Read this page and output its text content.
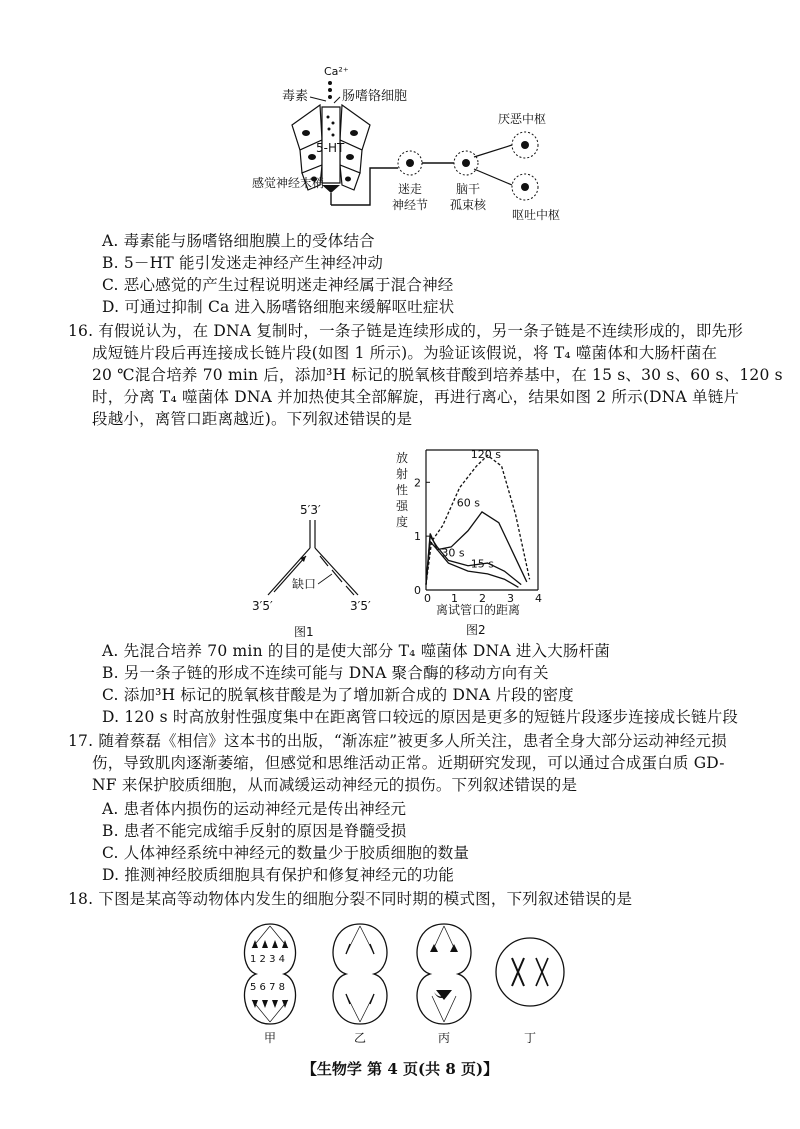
Ca²⁺
毒素	肠嗜铬细胞
5-HT
感觉神经末梢	迷走
神经节
脑干
孤束核
厌恶中枢
呕吐中枢
A. 毒素能与肠嗜铬细胞膜上的受体结合
B. 5－HT 能引发迷走神经产生神经冲动
C. 恶心感觉的产生过程说明迷走神经属于混合神经
D. 可通过抑制 Ca 进入肠嗜铬细胞来缓解呕吐症状
16. 有假说认为，在 DNA 复制时，一条子链是连续形成的，另一条子链是不连续形成的，即先形
成短链片段后再连接成长链片段(如图 1 所示)。为验证该假说，将 T₄ 噬菌体和大肠杆菌在
20 ℃混合培养 70 min 后，添加³H 标记的脱氧核苷酸到培养基中，在 15 s、30 s、60 s、120 s
时，分离 T₄ 噬菌体 DNA 并加热使其全部解旋，再进行离心，结果如图 2 所示(DNA 单链片
段越小，离管口距离越近)。下列叙述错误的是
5′3′
缺口
3′5′	3′5′
图1
放
射
性
强
度
2
1
0
1 2 3 4
0
120 s
60 s
30 s
15 s
离试管口的距离
图2
A. 先混合培养 70 min 的目的是使大部分 T₄ 噬菌体 DNA 进入大肠杆菌
B. 另一条子链的形成不连续可能与 DNA 聚合酶的移动方向有关
C. 添加³H 标记的脱氧核苷酸是为了增加新合成的 DNA 片段的密度
D. 120 s 时高放射性强度集中在距离管口较远的原因是更多的短链片段逐步连接成长链片段
17. 随着蔡磊《相信》这本书的出版，“渐冻症”被更多人所关注，患者全身大部分运动神经元损
伤，导致肌肉逐渐萎缩，但感觉和思维活动正常。近期研究发现，可以通过合成蛋白质 GD-
NF 来保护胶质细胞，从而减缓运动神经元的损伤。下列叙述错误的是
A. 患者体内损伤的运动神经元是传出神经元
B. 患者不能完成缩手反射的原因是脊髓受损
C. 人体神经系统中神经元的数量少于胶质细胞的数量
D. 推测神经胶质细胞具有保护和修复神经元的功能
18. 下图是某高等动物体内发生的细胞分裂不同时期的模式图，下列叙述错误的是
1 2 3 4
5 6 7 8
甲	乙	丙	丁
【生物学 第 4 页(共 8 页)】
